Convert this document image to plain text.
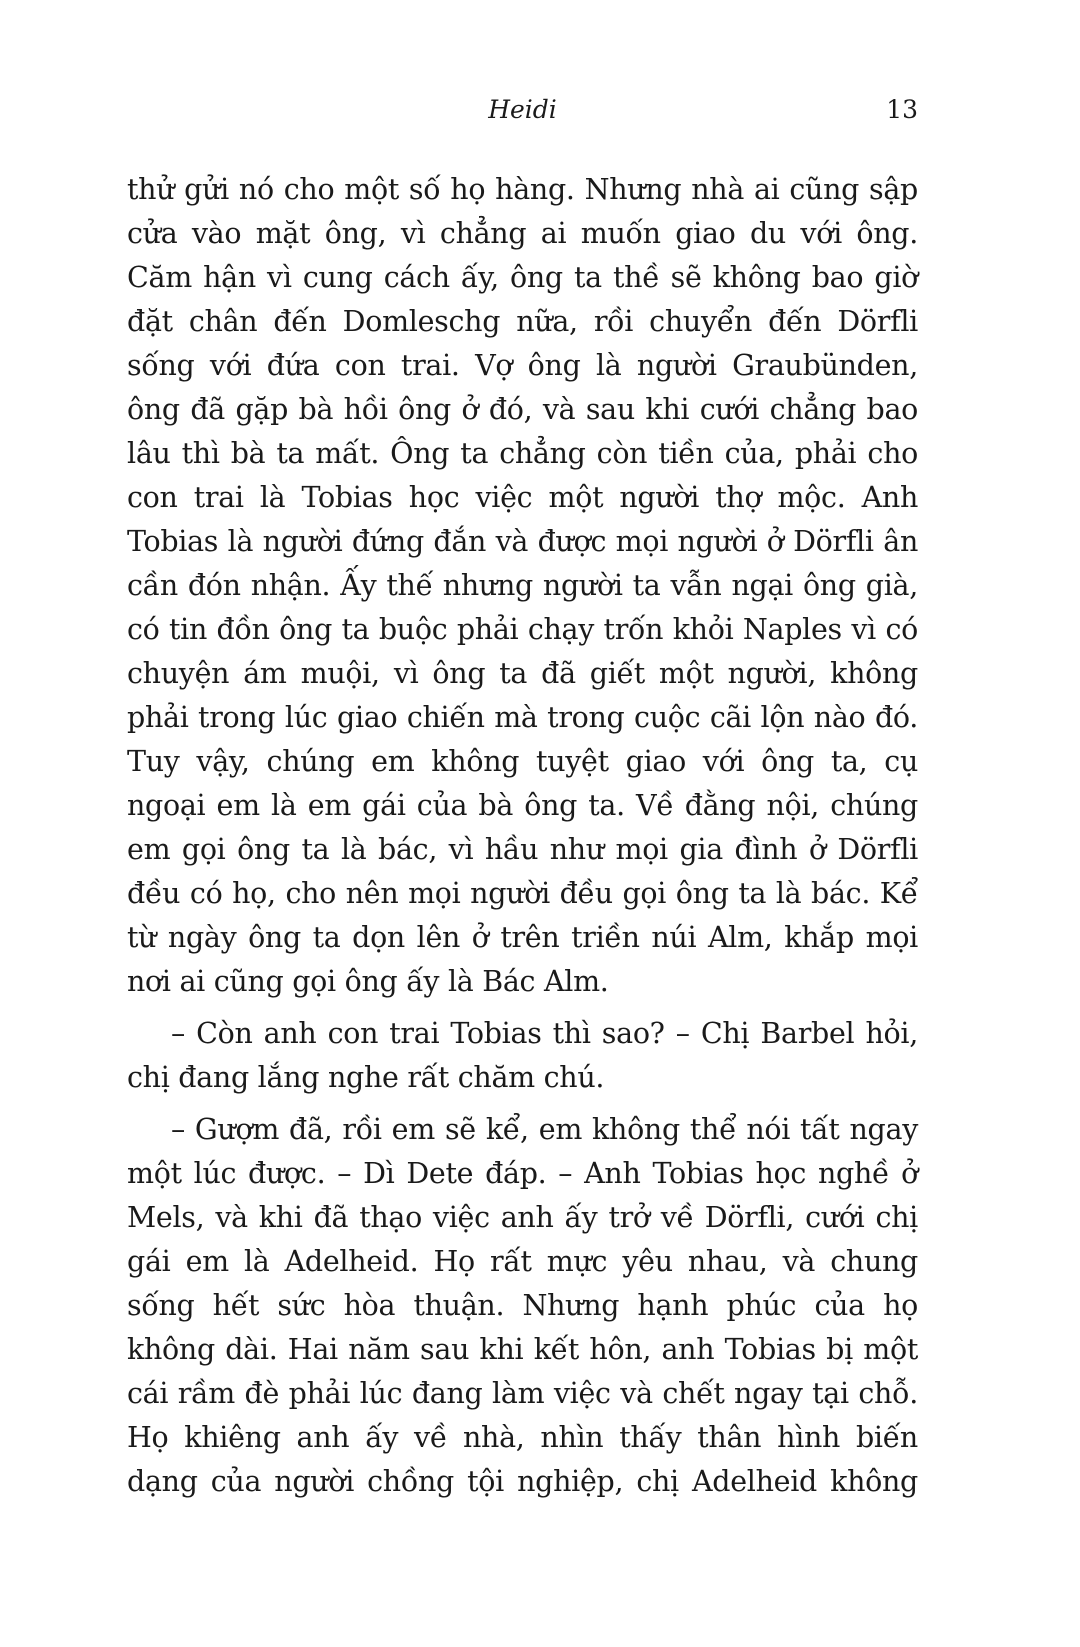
Heidi	13

thử gửi nó cho một số họ hàng. Nhưng nhà ai cũng sập cửa vào mặt ông, vì chẳng ai muốn giao du với ông. Căm hận vì cung cách ấy, ông ta thề sẽ không bao giờ đặt chân đến Domleschg nữa, rồi chuyển đến Dörfli sống với đứa con trai. Vợ ông là người Graubünden, ông đã gặp bà hồi ông ở đó, và sau khi cưới chẳng bao lâu thì bà ta mất. Ông ta chẳng còn tiền của, phải cho con trai là Tobias học việc một người thợ mộc. Anh Tobias là người đứng đắn và được mọi người ở Dörfli ân cần đón nhận. Ấy thế nhưng người ta vẫn ngại ông già, có tin đồn ông ta buộc phải chạy trốn khỏi Naples vì có chuyện ám muội, vì ông ta đã giết một người, không phải trong lúc giao chiến mà trong cuộc cãi lộn nào đó. Tuy vậy, chúng em không tuyệt giao với ông ta, cụ ngoại em là em gái của bà ông ta. Về đằng nội, chúng em gọi ông ta là bác, vì hầu như mọi gia đình ở Dörfli đều có họ, cho nên mọi người đều gọi ông ta là bác. Kể từ ngày ông ta dọn lên ở trên triền núi Alm, khắp mọi nơi ai cũng gọi ông ấy là Bác Alm.

– Còn anh con trai Tobias thì sao? – Chị Barbel hỏi, chị đang lắng nghe rất chăm chú.

– Gượm đã, rồi em sẽ kể, em không thể nói tất ngay một lúc được. – Dì Dete đáp. – Anh Tobias học nghề ở Mels, và khi đã thạo việc anh ấy trở về Dörfli, cưới chị gái em là Adelheid. Họ rất mực yêu nhau, và chung sống hết sức hòa thuận. Nhưng hạnh phúc của họ không dài. Hai năm sau khi kết hôn, anh Tobias bị một cái rầm đè phải lúc đang làm việc và chết ngay tại chỗ. Họ khiêng anh ấy về nhà, nhìn thấy thân hình biến dạng của người chồng tội nghiệp, chị Adelheid không
